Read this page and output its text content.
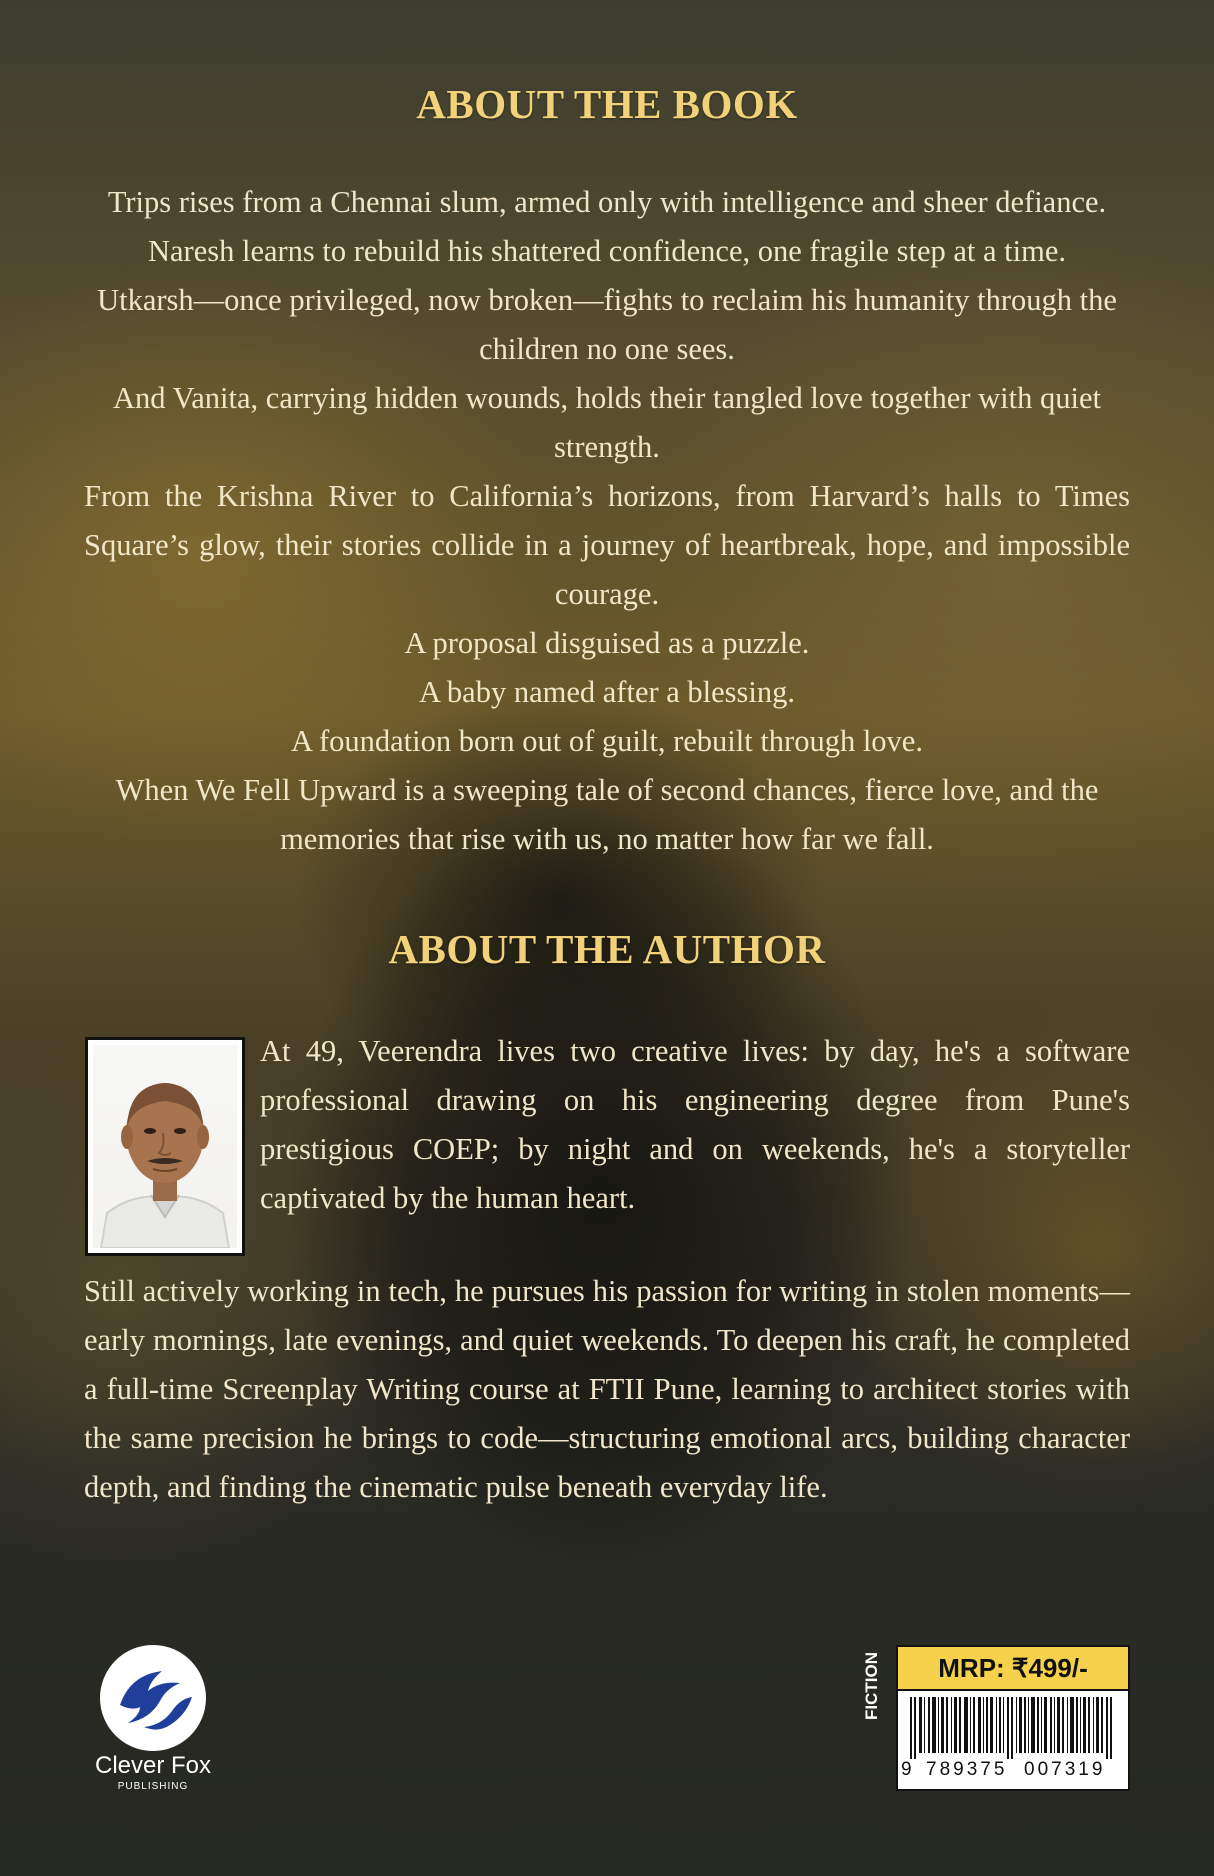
ABOUT THE BOOK

Trips rises from a Chennai slum, armed only with intelligence and sheer defiance.

Naresh learns to rebuild his shattered confidence, one fragile step at a time.

Utkarsh—once privileged, now broken—fights to reclaim his humanity through the children no one sees.

And Vanita, carrying hidden wounds, holds their tangled love together with quiet strength.

From the Krishna River to California’s horizons, from Harvard’s halls to Times Square’s glow, their stories collide in a journey of heartbreak, hope, and impossible courage.

A proposal disguised as a puzzle.

A baby named after a blessing.

A foundation born out of guilt, rebuilt through love.

When We Fell Upward is a sweeping tale of second chances, fierce love, and the memories that rise with us, no matter how far we fall.

ABOUT THE AUTHOR

At 49, Veerendra lives two creative lives: by day, he's a software professional drawing on his engineering degree from Pune's prestigious COEP; by night and on weekends, he's a storyteller captivated by the human heart.

Still actively working in tech, he pursues his passion for writing in stolen moments—early mornings, late evenings, and quiet weekends. To deepen his craft, he completed a full-time Screenplay Writing course at FTII Pune, learning to architect stories with the same precision he brings to code—structuring emotional arcs, building character depth, and finding the cinematic pulse beneath everyday life.

Clever Fox
PUBLISHING
FICTION	MRP: ₹499/-
9 789375 007319
